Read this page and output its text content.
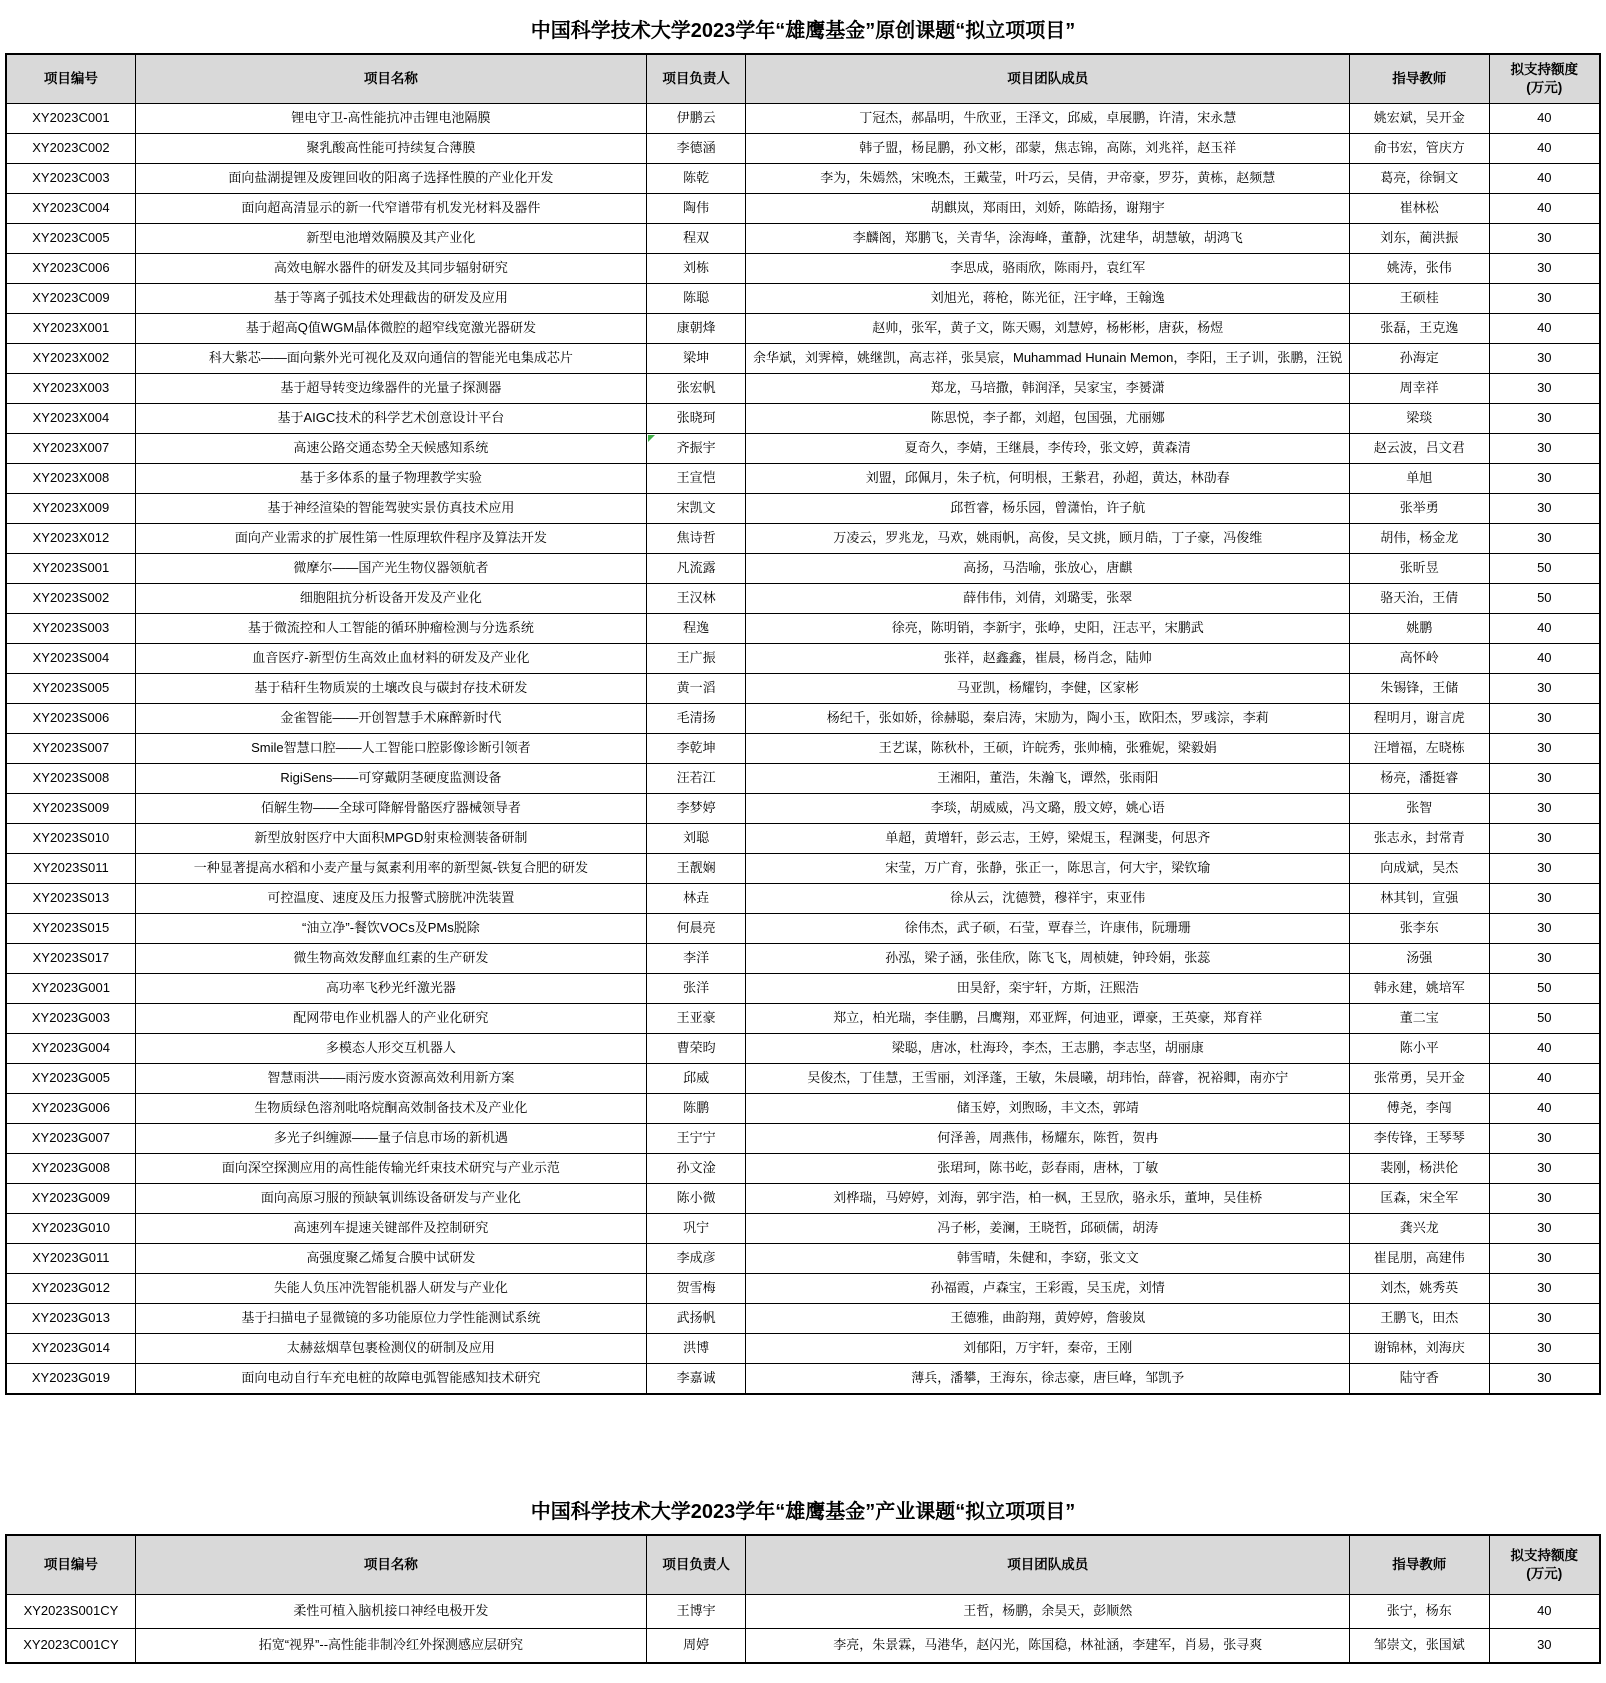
中国科学技术大学2023学年“雄鹰基金”原创课题“拟立项项目”
项目编号	项目名称	项目负责人	项目团队成员	指导教师	拟支持额度
(万元)
XY2023C001	锂电守卫-高性能抗冲击锂电池隔膜	伊鹏云	丁冠杰，郝晶明，牛欣亚，王泽文，邱威，卓展鹏，许清，宋永慧	姚宏斌，吴开金	40
XY2023C002	聚乳酸高性能可持续复合薄膜	李德涵	韩子盟，杨昆鹏，孙文彬，邵蒙，焦志锦，高陈，刘兆祥，赵玉祥	俞书宏，管庆方	40
XY2023C003	面向盐湖提锂及废锂回收的阳离子选择性膜的产业化开发	陈乾	李为，朱嫣然，宋晚杰，王戴莹，叶巧云，吴倩，尹帝豪，罗芬，黄栋，赵频慧	葛亮，徐铜文	40
XY2023C004	面向超高清显示的新一代窄谱带有机发光材料及器件	陶伟	胡麒岚，郑雨田，刘娇，陈皓扬，谢翔宇	崔林松	40
XY2023C005	新型电池增效隔膜及其产业化	程双	李麟阁，郑鹏飞，关青华，涂海峰，董静，沈建华，胡慧敏，胡鸿飞	刘东，蔺洪振	30
XY2023C006	高效电解水器件的研发及其同步辐射研究	刘栋	李思成，骆雨欣，陈雨丹，袁红军	姚涛，张伟	30
XY2023C009	基于等离子弧技术处理截齿的研发及应用	陈聪	刘旭光，蒋枪，陈光征，汪宇峰，王翰逸	王硕桂	30
XY2023X001	基于超高Q值WGM晶体微腔的超窄线宽激光器研发	康朝烽	赵帅，张军，黄子文，陈天赐，刘慧婷，杨彬彬，唐荻，杨煜	张磊，王克逸	40
XY2023X002	科大紫芯——面向紫外光可视化及双向通信的智能光电集成芯片	梁坤	余华斌，刘霁樟，姚继凯，高志祥，张昊宸，Muhammad Hunain Memon，李阳，王子训，张鹏，汪锐	孙海定	30
XY2023X003	基于超导转变边缘器件的光量子探测器	张宏帆	郑龙，马培撒，韩润泽，吴家宝，李赟潇	周幸祥	30
XY2023X004	基于AIGC技术的科学艺术创意设计平台	张晓珂	陈思悦，李子都，刘超，包国强，尤丽娜	梁琰	30
XY2023X007	高速公路交通态势全天候感知系统	齐振宇	夏奇久，李婧，王继晨，李传玲，张文婷，黄森清	赵云波，吕文君	30
XY2023X008	基于多体系的量子物理教学实验	王宣恺	刘盟，邱佩月，朱子杭，何明根，王紫君，孙超，黄达，林劭春	单旭	30
XY2023X009	基于神经渲染的智能驾驶实景仿真技术应用	宋凯文	邱哲睿，杨乐园，曾潇怡，许子航	张举勇	30
XY2023X012	面向产业需求的扩展性第一性原理软件程序及算法开发	焦诗哲	万凌云，罗兆龙，马欢，姚雨帆，高俊，吴文挑，顾月皓，丁子豪，冯俊维	胡伟，杨金龙	30
XY2023S001	微摩尔——国产光生物仪器领航者	凡流露	高扬，马浩喻，张放心，唐麒	张昕昱	50
XY2023S002	细胞阻抗分析设备开发及产业化	王汉林	薛伟伟，刘倩，刘璐雯，张翠	骆天治，王倩	50
XY2023S003	基于微流控和人工智能的循环肿瘤检测与分选系统	程逸	徐亮，陈明销，李新宇，张峥，史阳，汪志平，宋鹏武	姚鹏	40
XY2023S004	血音医疗-新型仿生高效止血材料的研发及产业化	王广振	张祥，赵鑫鑫，崔晨，杨肖念，陆帅	高怀岭	40
XY2023S005	基于秸秆生物质炭的土壤改良与碳封存技术研发	黄一滔	马亚凯，杨耀钧，李健，区家彬	朱锡锋，王储	30
XY2023S006	金雀智能——开创智慧手术麻醉新时代	毛清扬	杨纪千，张如娇，徐赫聪，秦启涛，宋励为，陶小玉，欧阳杰，罗彧淙，李莉	程明月，谢言虎	30
XY2023S007	Smile智慧口腔——人工智能口腔影像诊断引领者	李乾坤	王艺谋，陈秋朴，王硕，许皖秀，张帅楠，张雅妮，梁毅娟	汪增福，左晓栋	30
XY2023S008	RigiSens——可穿戴阴茎硬度监测设备	汪若江	王湘阳，董浩，朱瀚飞，谭然，张雨阳	杨亮，潘挺睿	30
XY2023S009	佰解生物——全球可降解骨骼医疗器械领导者	李梦婷	李琰，胡威威，冯文璐，殷文婷，姚心语	张智	30
XY2023S010	新型放射医疗中大面积MPGD射束检测装备研制	刘聪	单超，黄增轩，彭云志，王婷，梁焜玉，程渊斐，何思齐	张志永，封常青	30
XY2023S011	一种显著提高水稻和小麦产量与氮素利用率的新型氮-铁复合肥的研发	王靓娴	宋莹，万广育，张静，张正一，陈思言，何大宇，梁钦瑜	向成斌，吴杰	30
XY2023S013	可控温度、速度及压力报警式膀胱冲洗装置	林垚	徐从云，沈德赞，穆祥宇，束亚伟	林其钊，宣强	30
XY2023S015	“油立净”-餐饮VOCs及PMs脱除	何晨亮	徐伟杰，武子硕，石莹，覃春兰，许康伟，阮珊珊	张李东	30
XY2023S017	微生物高效发酵血红素的生产研发	李洋	孙泓，梁子涵，张佳欣，陈飞飞，周桢婕，钟玲娟，张蕊	汤强	30
XY2023G001	高功率飞秒光纤激光器	张洋	田昊舒，栾宇轩，方斯，汪熙浩	韩永建，姚培军	50
XY2023G003	配网带电作业机器人的产业化研究	王亚豪	郑立，柏光瑞，李佳鹏，吕鹰翔，邓亚辉，何迪亚，谭豪，王英豪，郑育祥	董二宝	50
XY2023G004	多模态人形交互机器人	曹荣昀	梁聪，唐冰，杜海玲，李杰，王志鹏，李志坚，胡丽康	陈小平	40
XY2023G005	智慧雨洪——雨污废水资源高效利用新方案	邱威	吴俊杰，丁佳慧，王雪丽，刘泽蓬，王敏，朱晨曦，胡玮怡，薛睿，祝裕卿，南亦宁	张常勇，吴开金	40
XY2023G006	生物质绿色溶剂吡咯烷酮高效制备技术及产业化	陈鹏	储玉婷，刘煦旸，丰文杰，郭靖	傅尧，李闯	40
XY2023G007	多光子纠缠源——量子信息市场的新机遇	王宁宁	何泽善，周燕伟，杨耀东，陈哲，贺冉	李传锋，王琴琴	30
XY2023G008	面向深空探测应用的高性能传输光纤束技术研究与产业示范	孙文淦	张珺珂，陈书屹，彭春雨，唐林，丁敏	裴刚，杨洪伦	30
XY2023G009	面向高原习服的预缺氧训练设备研发与产业化	陈小微	刘桦瑞，马婷婷，刘海，郭宇浩，柏一枫，王昱欣，骆永乐，董坤，吴佳桥	匡森，宋全军	30
XY2023G010	高速列车提速关键部件及控制研究	巩宁	冯子彬，姜澜，王晓哲，邱硕儒，胡涛	龚兴龙	30
XY2023G011	高强度聚乙烯复合膜中试研发	李成彦	韩雪晴，朱健和，李窈，张文文	崔昆朋，高建伟	30
XY2023G012	失能人负压冲洗智能机器人研发与产业化	贺雪梅	孙福霞，卢森宝，王彩霞，吴玉虎，刘情	刘杰，姚秀英	30
XY2023G013	基于扫描电子显微镜的多功能原位力学性能测试系统	武扬帆	王德雅，曲韵翔，黄婷婷，詹骏岚	王鹏飞，田杰	30
XY2023G014	太赫兹烟草包裹检测仪的研制及应用	洪博	刘郁阳，万宇轩，秦帝，王刚	谢锦林，刘海庆	30
XY2023G019	面向电动自行车充电桩的故障电弧智能感知技术研究	李嘉诚	薄兵，潘攀，王海东，徐志豪，唐巨峰，邹凯予	陆守香	30
中国科学技术大学2023学年“雄鹰基金”产业课题“拟立项项目”
项目编号	项目名称	项目负责人	项目团队成员	指导教师	拟支持额度
(万元)
XY2023S001CY	柔性可植入脑机接口神经电极开发	王博宇	王哲，杨鹏，余昊天，彭顺然	张宁，杨东	40
XY2023C001CY	拓宽“视界”--高性能非制冷红外探测感应层研究	周婷	李亮，朱景霖，马港华，赵闪光，陈国稳，林祉涵，李建军，肖易，张寻爽	邹崇文，张国斌	30
